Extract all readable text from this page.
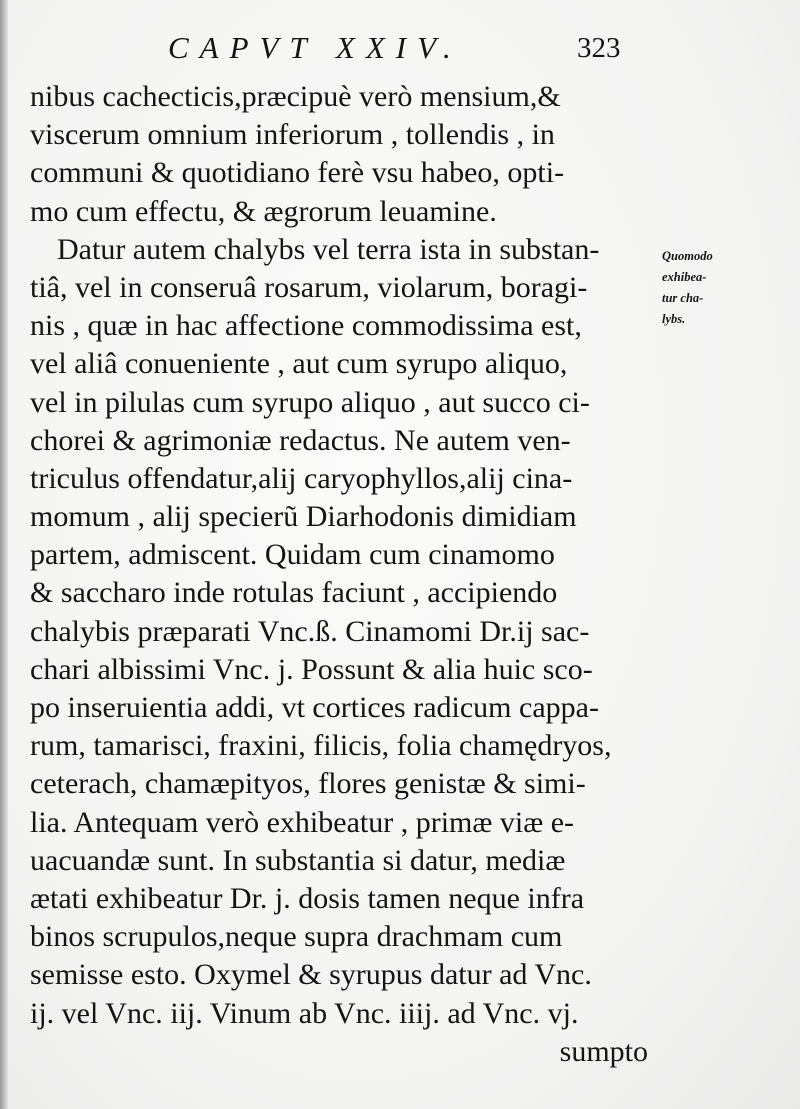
CAPVT XXIV.	323
nibus cachecticis,præcipuè verò mensium,&
viscerum omnium inferiorum , tollendis , in
communi & quotidiano ferè vsu habeo, opti-
mo cum effectu, & ægrorum leuamine.
Datur autem chalybs vel terra ista in substan-
tiâ, vel in conseruâ rosarum, violarum, boragi-
nis , quæ in hac affectione commodissima est,
vel aliâ conueniente , aut cum syrupo aliquo,
vel in pilulas cum syrupo aliquo , aut succo ci-
chorei & agrimoniæ redactus. Ne autem ven-
triculus offendatur,alij caryophyllos,alij cina-
momum , alij specierũ Diarhodonis dimidiam
partem, admiscent. Quidam cum cinamomo
& saccharo inde rotulas faciunt , accipiendo
chalybis præparati Vnc.ß. Cinamomi Dr.ij sac-
chari albissimi Vnc. j. Possunt & alia huic sco-
po inseruientia addi, vt cortices radicum cappa-
rum, tamarisci, fraxini, filicis, folia chamędryos,
ceterach, chamæpityos, flores genistæ & simi-
lia. Antequam verò exhibeatur , primæ viæ e-
uacuandæ sunt. In substantia si datur, mediæ
ætati exhibeatur Dr. j. dosis tamen neque infra
binos scrupulos,neque supra drachmam cum
semisse esto. Oxymel & syrupus datur ad Vnc.
ij. vel Vnc. iij. Vinum ab Vnc. iiij. ad Vnc. vj.
sumpto
Quomodo
exhibea-
tur cha-
lybs.
